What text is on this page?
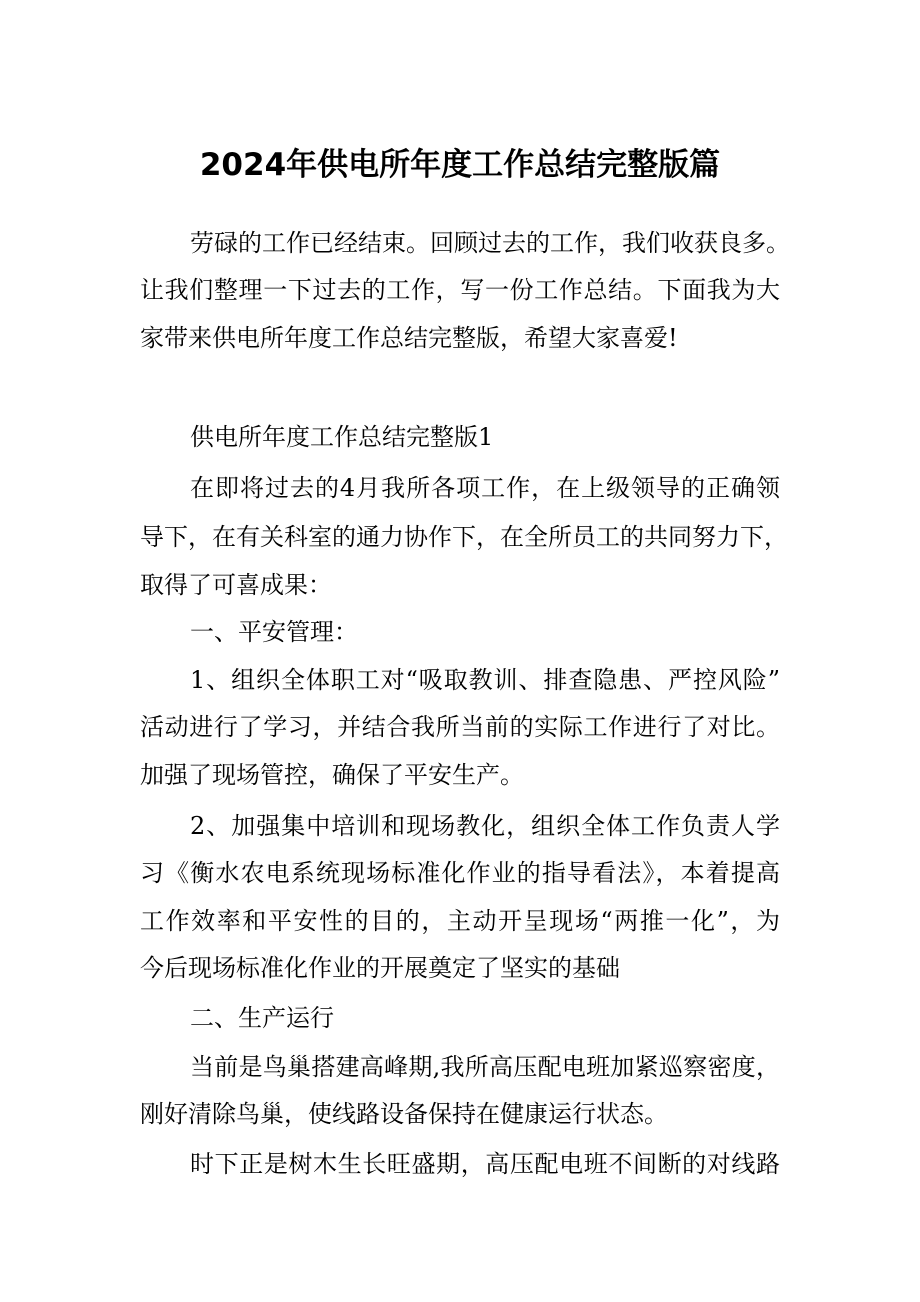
2024年供电所年度工作总结完整版篇
劳碌的工作已经结束。回顾过去的工作，我们收获良多。
让我们整理一下过去的工作，写一份工作总结。下面我为大
家带来供电所年度工作总结完整版，希望大家喜爱!
供电所年度工作总结完整版1
在即将过去的4月我所各项工作，在上级领导的正确领
导下，在有关科室的通力协作下，在全所员工的共同努力下，
取得了可喜成果：
一、平安管理：
1、组织全体职工对“吸取教训、排查隐患、严控风险”
活动进行了学习，并结合我所当前的实际工作进行了对比。
加强了现场管控，确保了平安生产。
2、加强集中培训和现场教化，组织全体工作负责人学
习《衡水农电系统现场标准化作业的指导看法》，本着提高
工作效率和平安性的目的，主动开呈现场“两推一化”，为
今后现场标准化作业的开展奠定了坚实的基础
二、生产运行
当前是鸟巢搭建高峰期,我所高压配电班加紧巡察密度，
刚好清除鸟巢，使线路设备保持在健康运行状态。
时下正是树木生长旺盛期，高压配电班不间断的对线路
